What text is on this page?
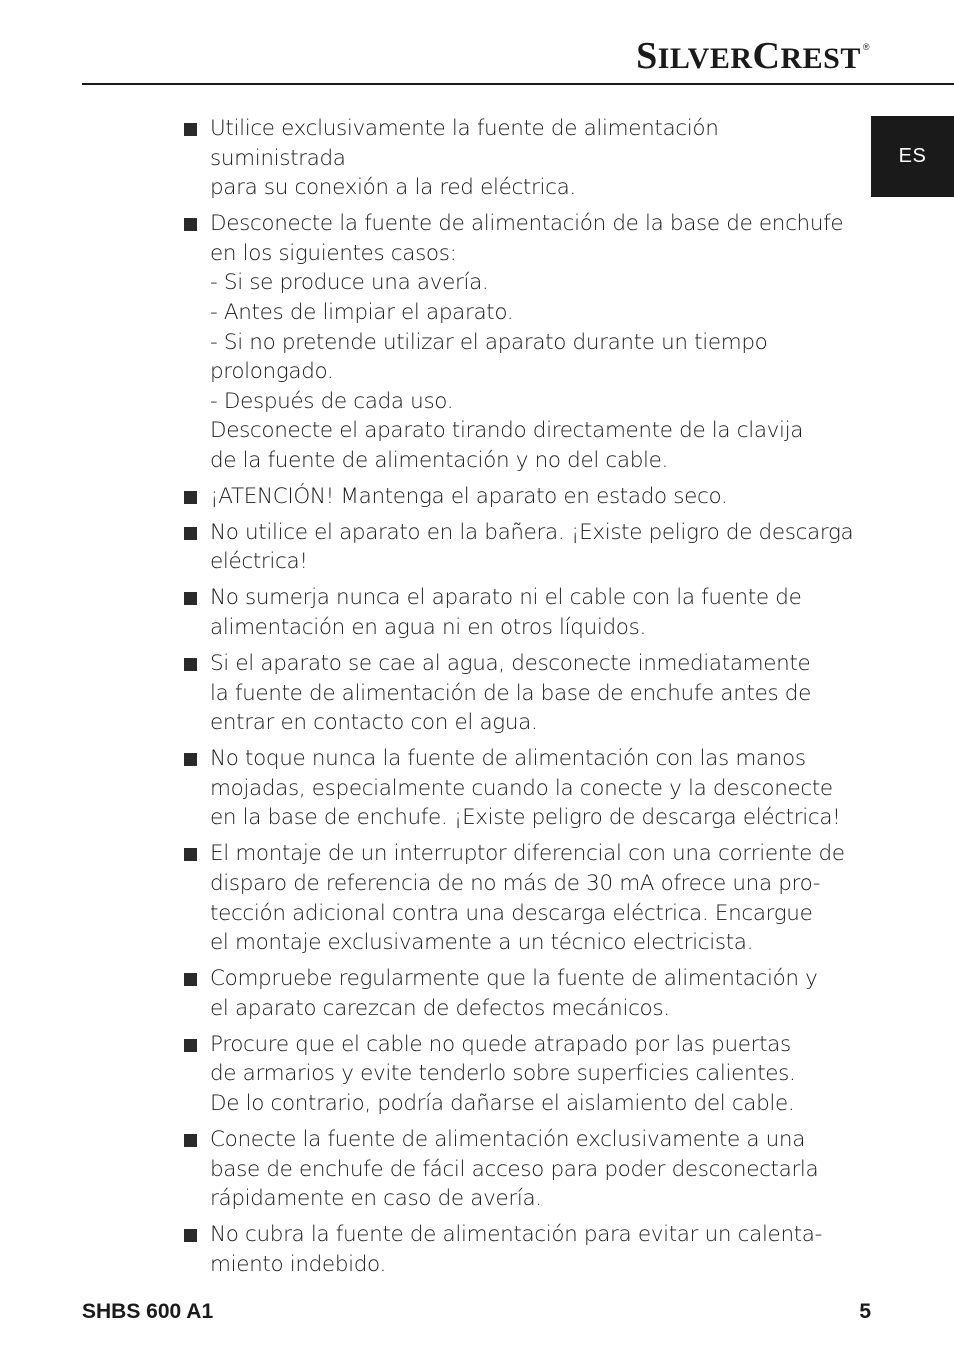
S ILVER C REST ®
ES
Utilice exclusivamente la fuente de alimentación suministrada
para su conexión a la red eléctrica.
Desconecte la fuente de alimentación de la base de enchufe
en los siguientes casos:
- Si se produce una avería.
- Antes de limpiar el aparato.
- Si no pretende utilizar el aparato durante un tiempo
prolongado.
- Después de cada uso.
Desconecte el aparato tirando directamente de la clavija
de la fuente de alimentación y no del cable.
¡ATENCIÓN! Mantenga el aparato en estado seco.
No utilice el aparato en la bañera. ¡Existe peligro de descarga
eléctrica!
No sumerja nunca el aparato ni el cable con la fuente de
alimentación en agua ni en otros líquidos.
Si el aparato se cae al agua, desconecte inmediatamente
la fuente de alimentación de la base de enchufe antes de
entrar en contacto con el agua.
No toque nunca la fuente de alimentación con las manos
mojadas, especialmente cuando la conecte y la desconecte
en la base de enchufe. ¡Existe peligro de descarga eléctrica!
El montaje de un interruptor diferencial con una corriente de
disparo de referencia de no más de 30 mA ofrece una pro-
tección adicional contra una descarga eléctrica. Encargue
el montaje exclusivamente a un técnico electricista.
Compruebe regularmente que la fuente de alimentación y
el aparato carezcan de defectos mecánicos.
Procure que el cable no quede atrapado por las puertas
de armarios y evite tenderlo sobre superficies calientes.
De lo contrario, podría dañarse el aislamiento del cable.
Conecte la fuente de alimentación exclusivamente a una
base de enchufe de fácil acceso para poder desconectarla
rápidamente en caso de avería.
No cubra la fuente de alimentación para evitar un calenta-
miento indebido.
SHBS 600 A1	5
